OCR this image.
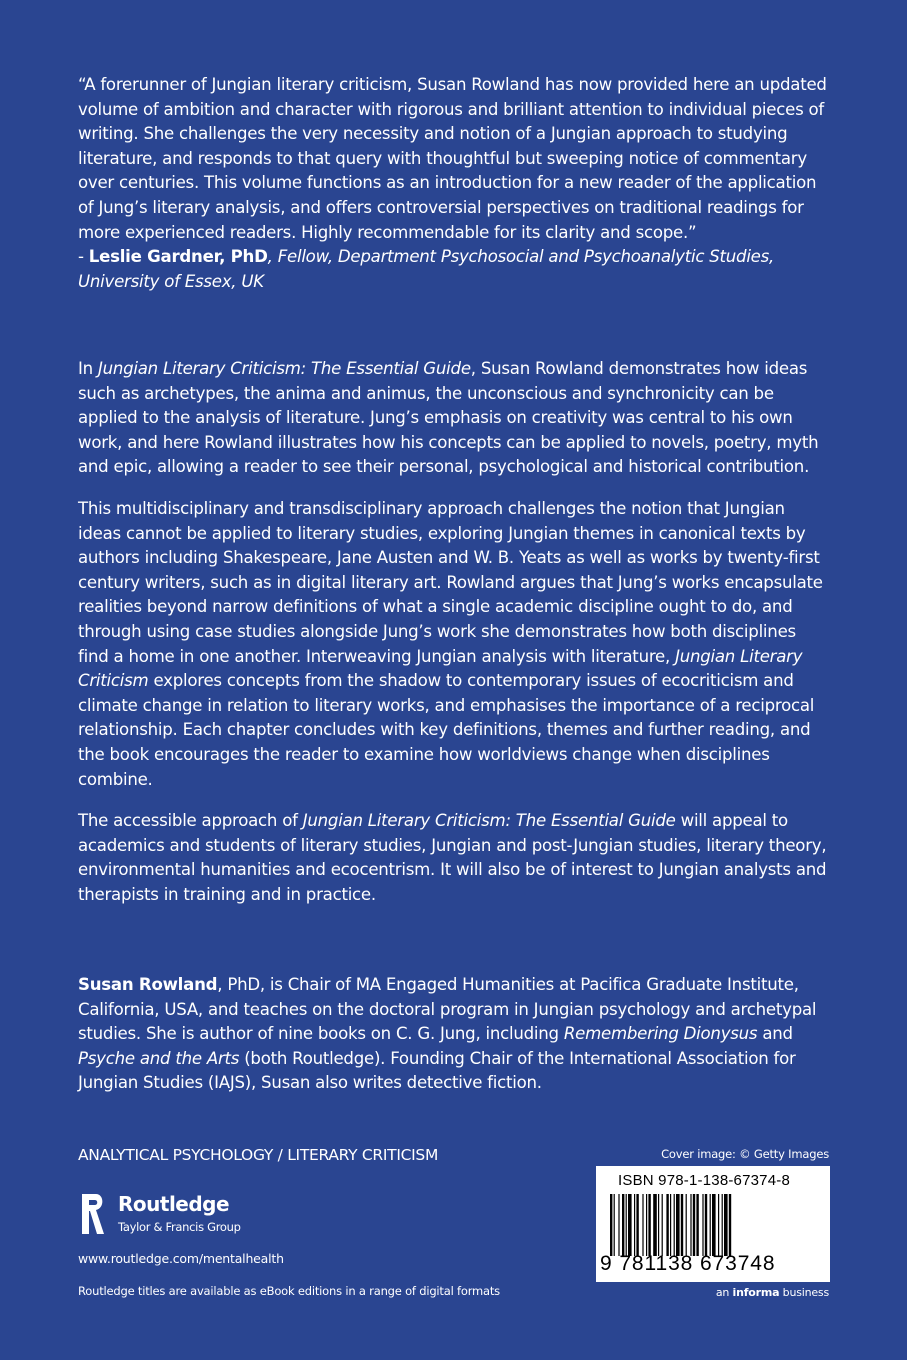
“A forerunner of Jungian literary criticism, Susan Rowland has now provided here an updated volume of ambition and character with rigorous and brilliant attention to individual pieces of writing. She challenges the very necessity and notion of a Jungian approach to studying literature, and responds to that query with thoughtful but sweeping notice of commentary over centuries. This volume functions as an introduction for a new reader of the application of Jung’s literary analysis, and offers controversial perspectives on traditional readings for more experienced readers. Highly recommendable for its clarity and scope.”
- Leslie Gardner, PhD, Fellow, Department Psychosocial and Psychoanalytic Studies, University of Essex, UK

In Jungian Literary Criticism: The Essential Guide, Susan Rowland demonstrates how ideas such as archetypes, the anima and animus, the unconscious and synchronicity can be applied to the analysis of literature. Jung’s emphasis on creativity was central to his own work, and here Rowland illustrates how his concepts can be applied to novels, poetry, myth and epic, allowing a reader to see their personal, psychological and historical contribution.

This multidisciplinary and transdisciplinary approach challenges the notion that Jungian ideas cannot be applied to literary studies, exploring Jungian themes in canonical texts by authors including Shakespeare, Jane Austen and W. B. Yeats as well as works by twenty-first century writers, such as in digital literary art. Rowland argues that Jung’s works encapsulate realities beyond narrow definitions of what a single academic discipline ought to do, and through using case studies alongside Jung’s work she demonstrates how both disciplines find a home in one another. Interweaving Jungian analysis with literature, Jungian Literary Criticism explores concepts from the shadow to contemporary issues of ecocriticism and climate change in relation to literary works, and emphasises the importance of a reciprocal relationship. Each chapter concludes with key definitions, themes and further reading, and the book encourages the reader to examine how worldviews change when disciplines combine.

The accessible approach of Jungian Literary Criticism: The Essential Guide will appeal to academics and students of literary studies, Jungian and post-Jungian studies, literary theory, environmental humanities and ecocentrism. It will also be of interest to Jungian analysts and therapists in training and in practice.

Susan Rowland, PhD, is Chair of MA Engaged Humanities at Pacifica Graduate Institute, California, USA, and teaches on the doctoral program in Jungian psychology and archetypal studies. She is author of nine books on C. G. Jung, including Remembering Dionysus and Psyche and the Arts (both Routledge). Founding Chair of the International Association for Jungian Studies (IAJS), Susan also writes detective fiction.

ANALYTICAL PSYCHOLOGY / LITERARY CRITICISM
Routledge
Taylor & Francis Group
www.routledge.com/mentalhealth
Routledge titles are available as eBook editions in a range of digital formats
Cover image: © Getty Images
ISBN 978-1-138-67374-8
9 781138 673748
an informa business
